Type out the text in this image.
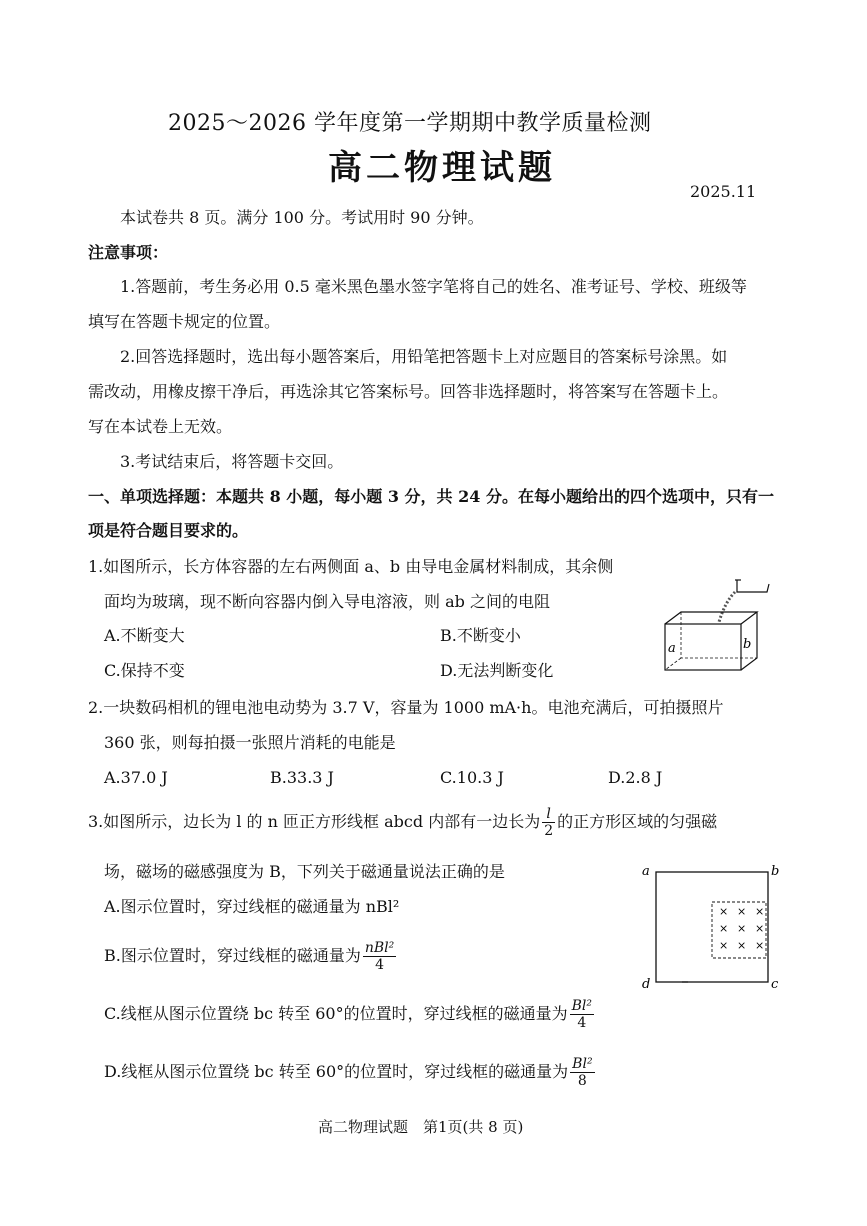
2025～2026 学年度第一学期期中教学质量检测
高二物理试题
2025.11
本试卷共 8 页。满分 100 分。考试用时 90 分钟。
注意事项：
1.答题前，考生务必用 0.5 毫米黑色墨水签字笔将自己的姓名、准考证号、学校、班级等
填写在答题卡规定的位置。
2.回答选择题时，选出每小题答案后，用铅笔把答题卡上对应题目的答案标号涂黑。如
需改动，用橡皮擦干净后，再选涂其它答案标号。回答非选择题时，将答案写在答题卡上。
写在本试卷上无效。
3.考试结束后，将答题卡交回。
一、单项选择题：本题共 8 小题，每小题 3 分，共 24 分。在每小题给出的四个选项中，只有一
项是符合题目要求的。
1.如图所示，长方体容器的左右两侧面 a、b 由导电金属材料制成，其余侧
面均为玻璃，现不断向容器内倒入导电溶液，则 ab 之间的电阻
A.不断变大	B.不断变小
C.保持不变	D.无法判断变化
a	b
2.一块数码相机的锂电池电动势为 3.7 V，容量为 1000 mA·h。电池充满后，可拍摄照片
360 张，则每拍摄一张照片消耗的电能是
A.37.0 J	B.33.3 J	C.10.3 J	D.2.8 J
3.如图所示，边长为 l 的 n 匝正方形线框 abcd 内部有一边长为 $\frac{l}{2}$ 的正方形区域的匀强磁
场，磁场的磁感强度为 B，下列关于磁通量说法正确的是
A.图示位置时，穿过线框的磁通量为 nBl²
B.图示位置时，穿过线框的磁通量为 $\frac{\text{nBl²}}{4}$
C.线框从图示位置绕 bc 转至 60°的位置时，穿过线框的磁通量为 $\frac{\text{Bl²}}{4}$
D.线框从图示位置绕 bc 转至 60°的位置时，穿过线框的磁通量为 $\frac{\text{Bl²}}{8}$
× × ×
× × ×
× × ×
a	b
c
d
高二物理试题　第1页(共 8 页)
